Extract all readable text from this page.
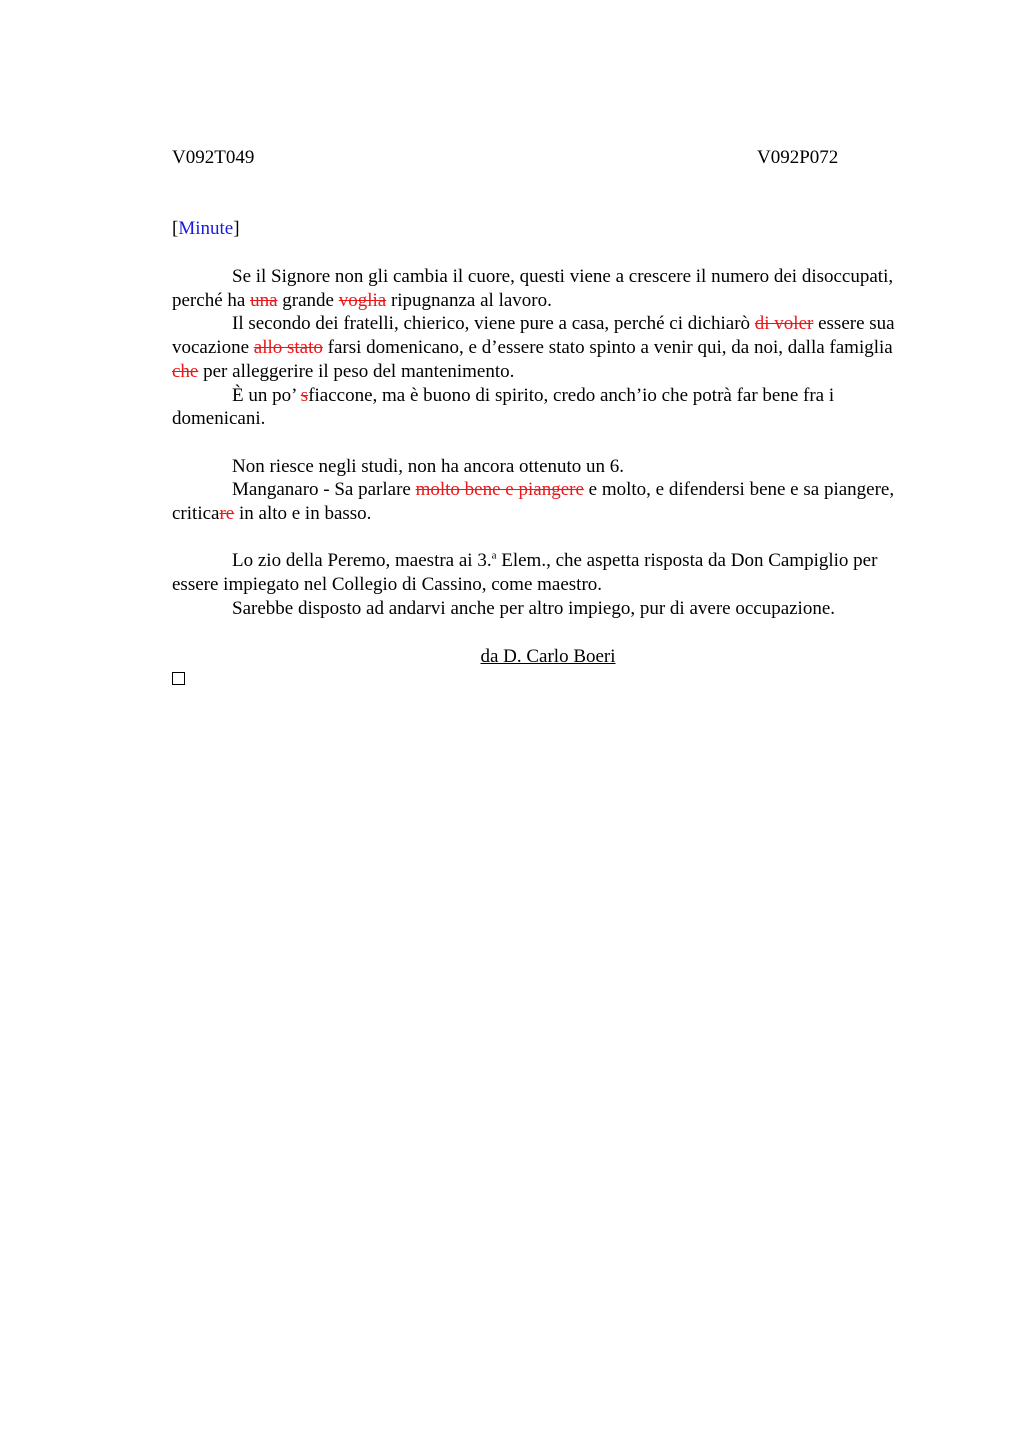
V092T049	V092P072
[Minute]

Se il Signore non gli cambia il cuore, questi viene a crescere il numero dei disoccupati, perché ha una grande voglia ripugnanza al lavoro.

Il secondo dei fratelli, chierico, viene pure a casa, perché ci dichiarò di voler essere sua vocazione allo stato farsi domenicano, e d’essere stato spinto a venir qui, da noi, dalla famiglia che per alleggerire il peso del mantenimento.

È un po’ sfiaccone, ma è buono di spirito, credo anch’io che potrà far bene fra i domenicani.

Non riesce negli studi, non ha ancora ottenuto un 6.

Manganaro - Sa parlare molto bene e piangere e molto, e difendersi bene e sa piangere, criticare in alto e in basso.

Lo zio della Peremo, maestra ai 3.$^a$ Elem., che aspetta risposta da Don Campiglio per essere impiegato nel Collegio di Cassino, come maestro.

Sarebbe disposto ad andarvi anche per altro impiego, pur di avere occupazione.

da D. Carlo Boeri
